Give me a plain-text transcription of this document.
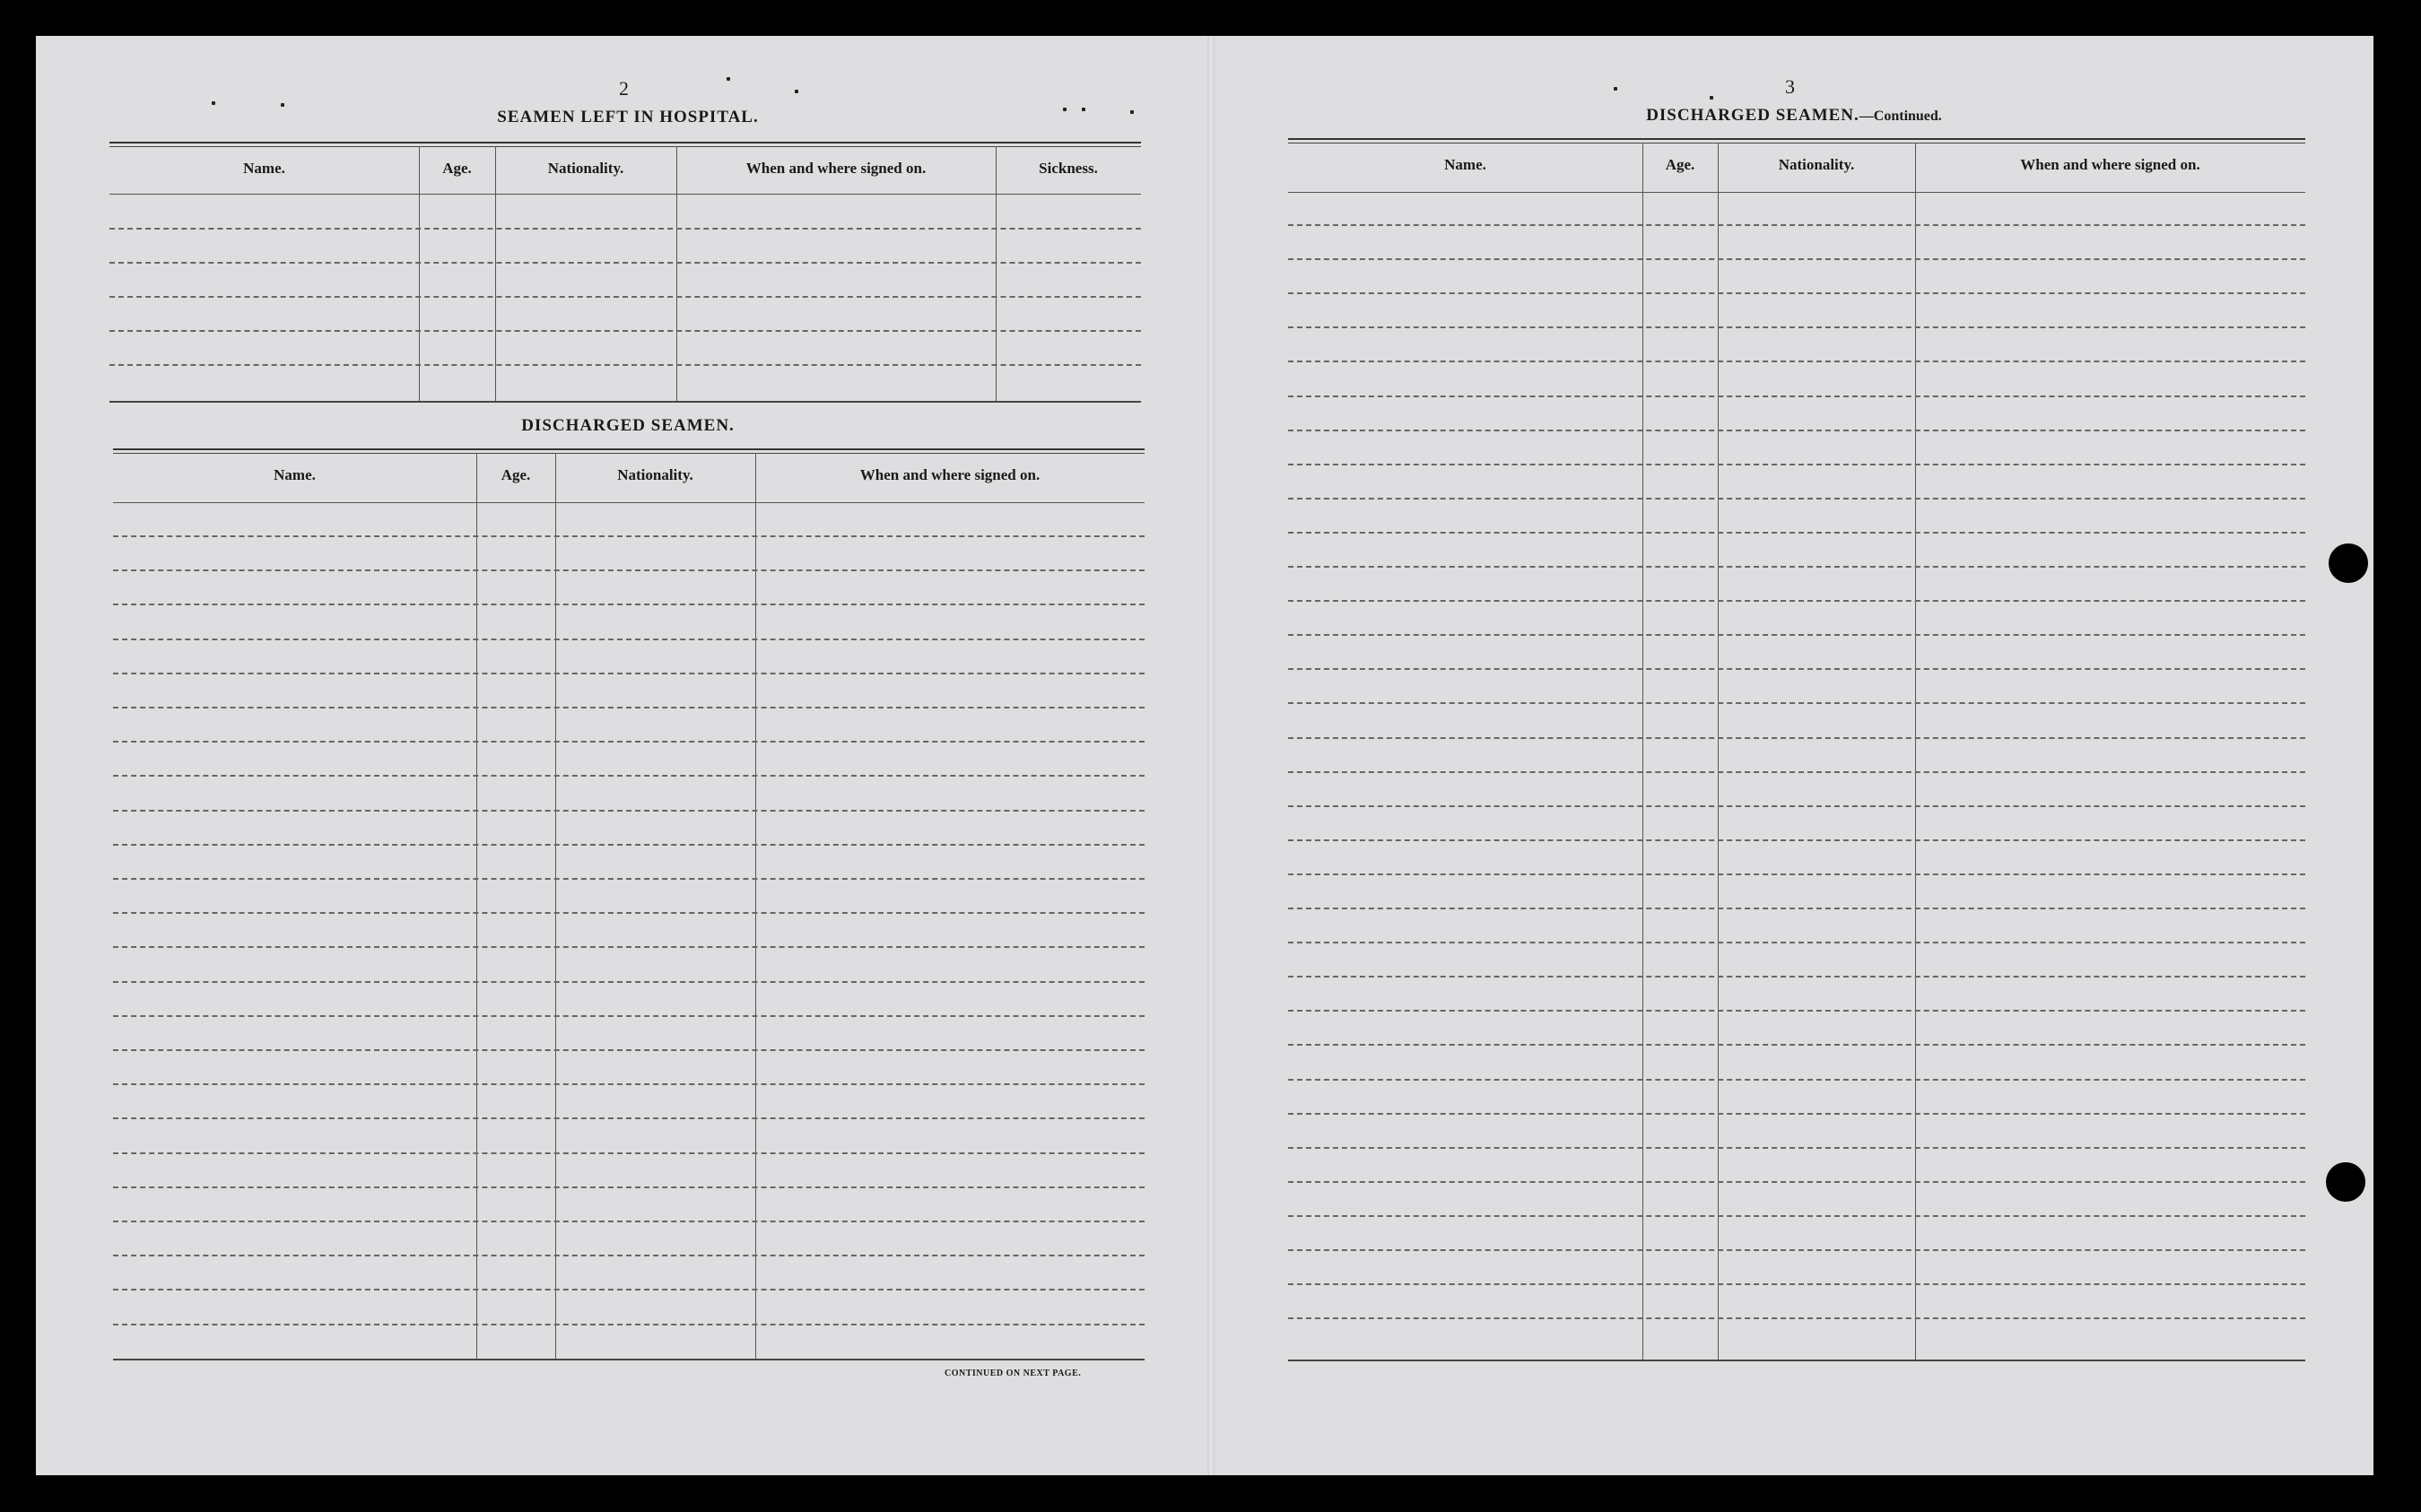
2
SEAMEN LEFT IN HOSPITAL.
Name.	Age.	Nationality.	When and where signed on.	Sickness.
DISCHARGED SEAMEN.
Name.	Age.	Nationality.	When and where signed on.
CONTINUED ON NEXT PAGE.
3
DISCHARGED SEAMEN.—Continued.
Name.	Age.	Nationality.	When and where signed on.
